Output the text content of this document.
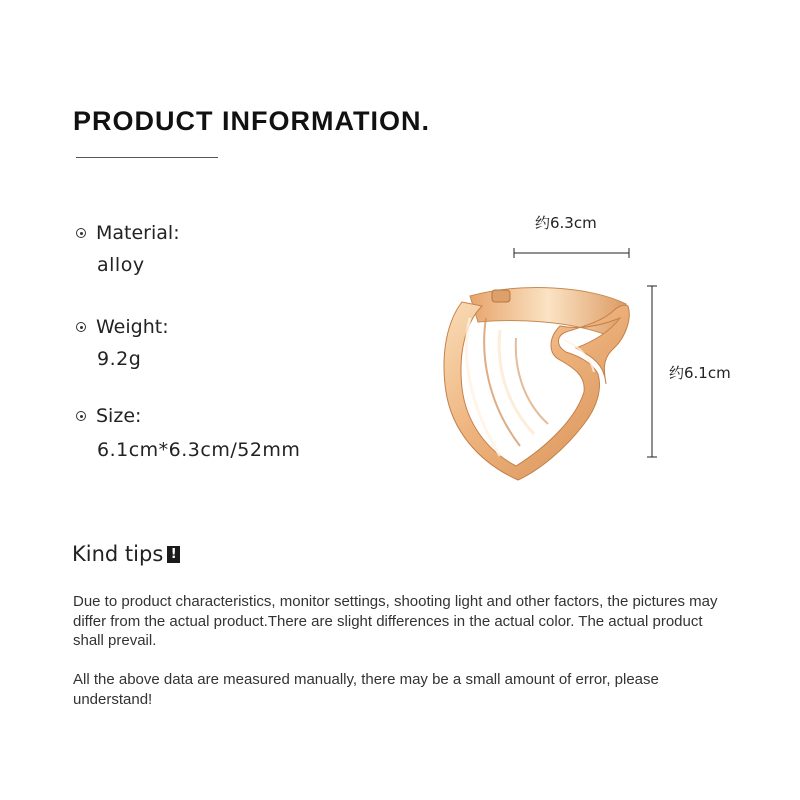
PRODUCT INFORMATION.
Material:
alloy
Weight:
9.2g
Size:
6.1cm*6.3cm/52mm
约6.3cm
约6.1cm
Kind tips !
Due to product characteristics, monitor settings, shooting light and other factors, the pictures may differ from the actual product.There are slight differences in the actual color. The actual product shall prevail.
All the above data are measured manually, there may be a small amount of error, please understand!
